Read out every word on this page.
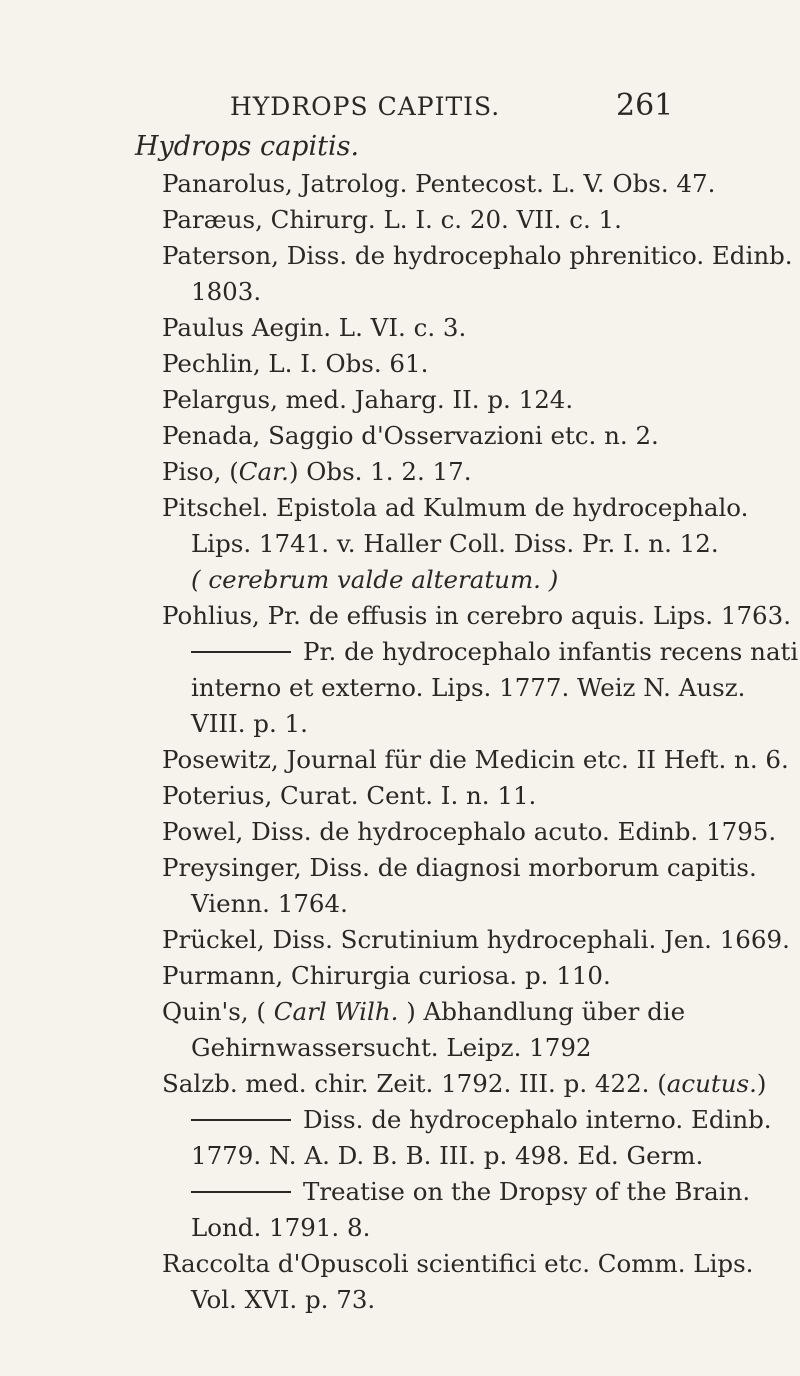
HYDROPS CAPITIS.	261
Hydrops capitis.
Panarolus, Jatrolog. Pentecost. L. V. Obs. 47.
Paræus, Chirurg. L. I. c. 20. VII. c. 1.
Paterson, Diss. de hydrocephalo phrenitico. Edinb.
1803.
Paulus Aegin. L. VI. c. 3.
Pechlin, L. I. Obs. 61.
Pelargus, med. Jaharg. II. p. 124.
Penada, Saggio d'Osservazioni etc. n. 2.
Piso, (Car.) Obs. 1. 2. 17.
Pitschel. Epistola ad Kulmum de hydrocephalo.
Lips. 1741. v. Haller Coll. Diss. Pr. I. n. 12.
( cerebrum valde alteratum. )
Pohlius, Pr. de effusis in cerebro aquis. Lips. 1763.
Pr. de hydrocephalo infantis recens nati
interno et externo. Lips. 1777. Weiz N. Ausz.
VIII. p. 1.
Posewitz, Journal für die Medicin etc. II Heft. n. 6.
Poterius, Curat. Cent. I. n. 11.
Powel, Diss. de hydrocephalo acuto. Edinb. 1795.
Preysinger, Diss. de diagnosi morborum capitis.
Vienn. 1764.
Prückel, Diss. Scrutinium hydrocephali. Jen. 1669.
Purmann, Chirurgia curiosa. p. 110.
Quin's, ( Carl Wilh. ) Abhandlung über die
Gehirnwassersucht. Leipz. 1792
Salzb. med. chir. Zeit. 1792. III. p. 422. (acutus.)
Diss. de hydrocephalo interno. Edinb.
1779. N. A. D. B. B. III. p. 498. Ed. Germ.
Treatise on the Dropsy of the Brain.
Lond. 1791. 8.
Raccolta d'Opuscoli scientifici etc. Comm. Lips.
Vol. XVI. p. 73.
